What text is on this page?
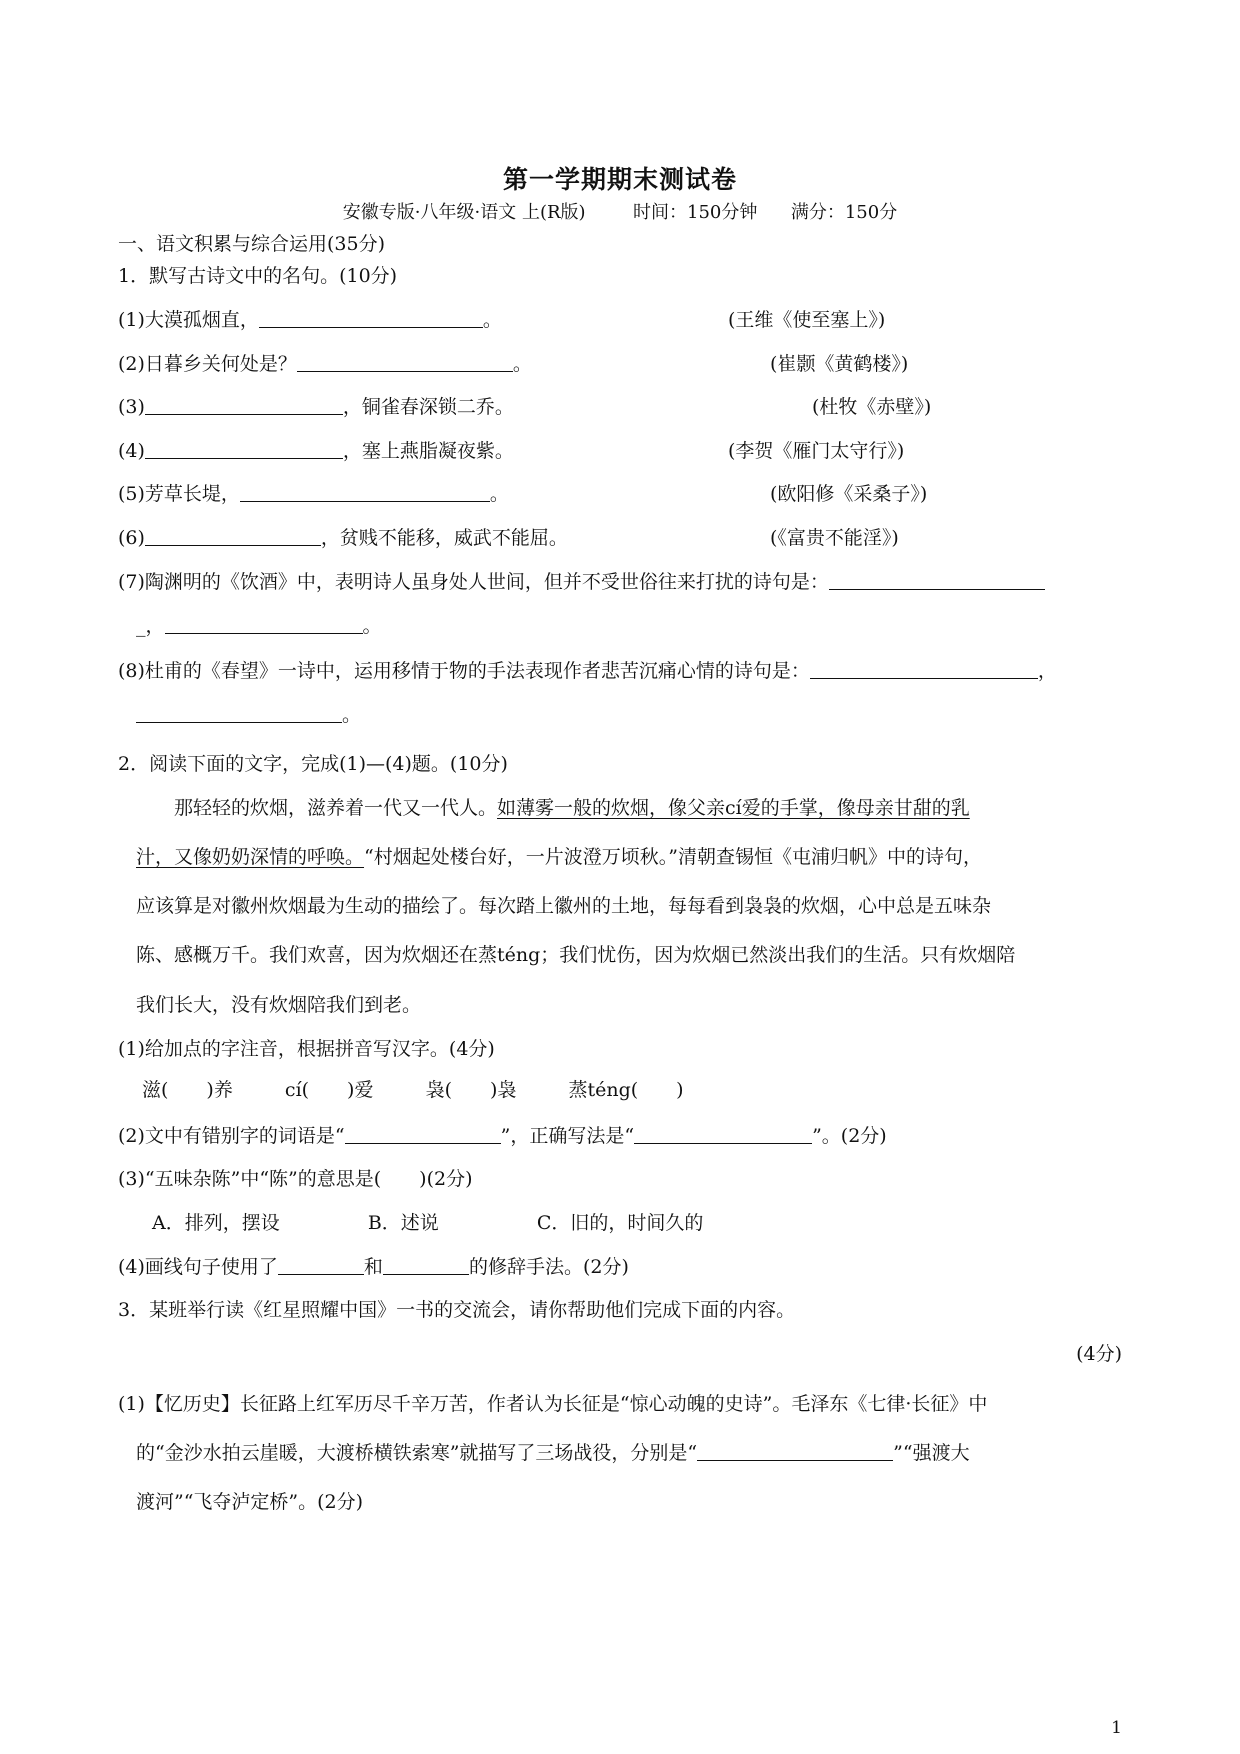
第一学期期末测试卷
安徽专版·八年级·语文 上(R版)	时间：150分钟 满分：150分
一、语文积累与综合运用(35分)
1．默写古诗文中的名句。(10分)
(1)大漠孤烟直，	。	(王维《使至塞上》)
(2)日暮乡关何处是？	。	(崔颢《黄鹤楼》)
(3)	，铜雀春深锁二乔。	(杜牧《赤壁》)
(4)	，塞上燕脂凝夜紫。	(李贺《雁门太守行》)
(5)芳草长堤，	。	(欧阳修《采桑子》)
(6)	，贫贱不能移，威武不能屈。	(《富贵不能淫》)
(7)陶渊明的《饮酒》中，表明诗人虽身处人世间，但并不受世俗往来打扰的诗句是：
_，	。
(8)杜甫的《春望》一诗中，运用移情于物的手法表现作者悲苦沉痛心情的诗句是：	，
。
2．阅读下面的文字，完成(1)—(4)题。(10分)
那轻轻的炊烟，滋养着一代又一代人。如薄雾一般的炊烟，像父亲cí爱的手掌，像母亲甘甜的乳
汁，又像奶奶深情的呼唤。“村烟起处楼台好，一片波澄万顷秋。”清朝查锡恒《屯浦归帆》中的诗句，
应该算是对徽州炊烟最为生动的描绘了。每次踏上徽州的土地，每每看到袅袅的炊烟，心中总是五味杂
陈、感概万千。我们欢喜，因为炊烟还在蒸téng；我们忧伤，因为炊烟已然淡出我们的生活。只有炊烟陪
我们长大，没有炊烟陪我们到老。
(1)给加点的字注音，根据拼音写汉字。(4分)
滋(　　)养	cí(　　)爱	袅(　　)袅	蒸téng(　　)
(2)文中有错别字的词语是“	”，正确写法是“	”。(2分)
(3)“五味杂陈”中“陈”的意思是(　　)(2分)
A．排列，摆设	B．述说	C．旧的，时间久的
(4)画线句子使用了	和	的修辞手法。(2分)
3．某班举行读《红星照耀中国》一书的交流会，请你帮助他们完成下面的内容。
(4分)
(1)【忆历史】长征路上红军历尽千辛万苦，作者认为长征是“惊心动魄的史诗”。毛泽东《七律·长征》中
的“金沙水拍云崖暖，大渡桥横铁索寒”就描写了三场战役，分别是“	”“强渡大
渡河”“飞夺泸定桥”。(2分)
1
